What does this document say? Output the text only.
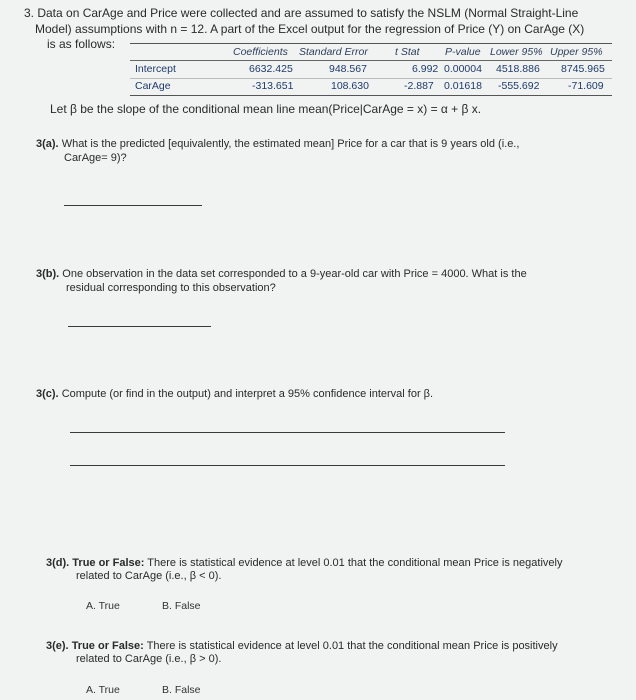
3. Data on CarAge and Price were collected and are assumed to satisfy the NSLM (Normal Straight-Line
Model) assumptions with n = 12. A part of the Excel output for the regression of Price (Y) on CarAge (X)
is as follows:
Coefficients Standard Error	t Stat P-value Lower 95% Upper 95%
Intercept	6632.425	948.567	6.992 0.00004 4518.886 8745.965
CarAge	-313.651	108.630	-2.887 0.01618 -555.692	-71.609
Let β be the slope of the conditional mean line mean(Price|CarAge = x) = α + β x.
3(a). What is the predicted [equivalently, the estimated mean] Price for a car that is 9 years old (i.e.,
CarAge= 9)?
3(b). One observation in the data set corresponded to a 9-year-old car with Price = 4000. What is the
residual corresponding to this observation?
3(c). Compute (or find in the output) and interpret a 95% confidence interval for β.
3(d). True or False: There is statistical evidence at level 0.01 that the conditional mean Price is negatively
related to CarAge (i.e., β < 0).
A. True	B. False
3(e). True or False: There is statistical evidence at level 0.01 that the conditional mean Price is positively
related to CarAge (i.e., β > 0).
A. True	B. False
